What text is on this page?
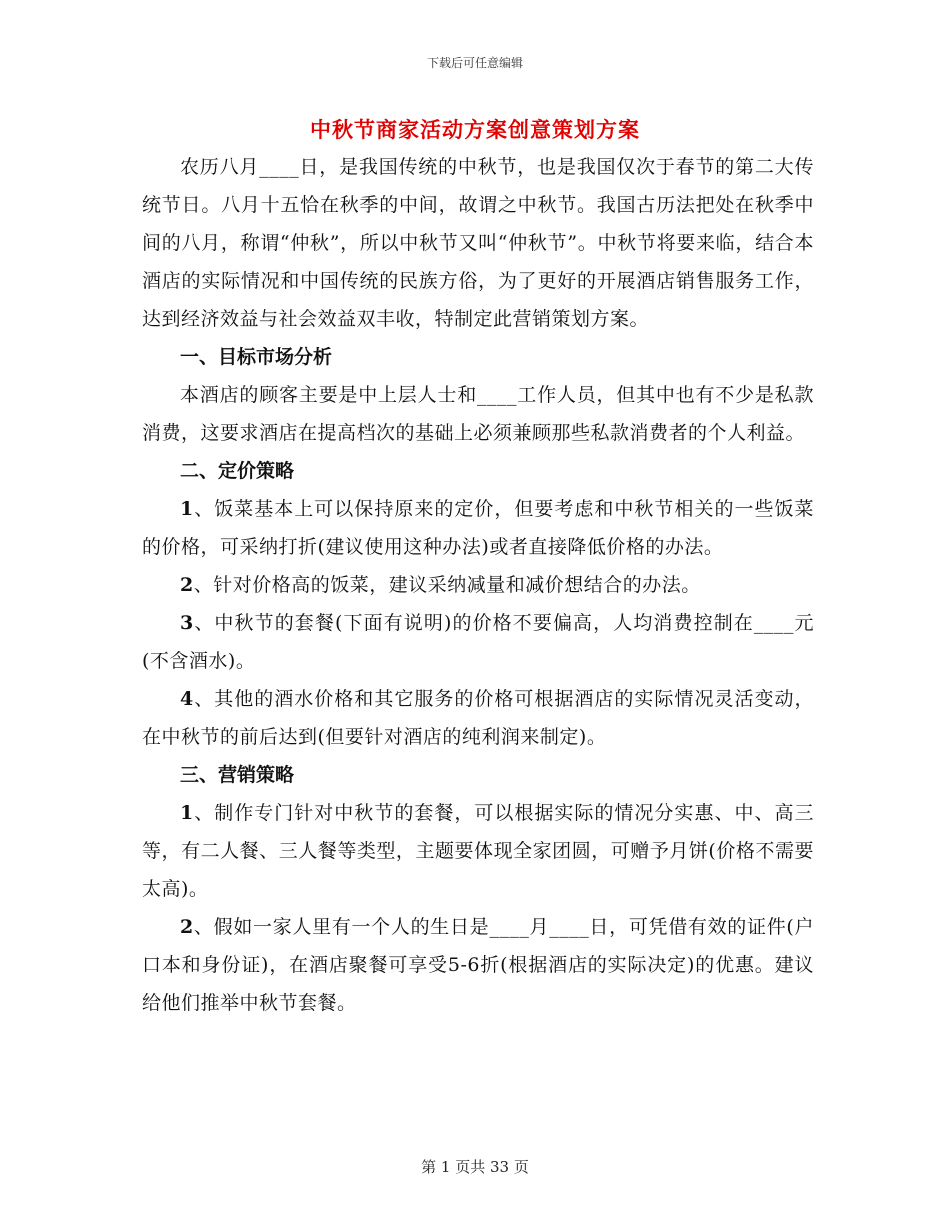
下载后可任意编辑
中秋节商家活动方案创意策划方案

农历八月____日，是我国传统的中秋节，也是我国仅次于春节的第二大传统节日。八月十五恰在秋季的中间，故谓之中秋节。我国古历法把处在秋季中间的八月，称谓“仲秋”，所以中秋节又叫“仲秋节”。中秋节将要来临，结合本酒店的实际情况和中国传统的民族方俗，为了更好的开展酒店销售服务工作，达到经济效益与社会效益双丰收，特制定此营销策划方案。

一、目标市场分析

本酒店的顾客主要是中上层人士和____工作人员，但其中也有不少是私款消费，这要求酒店在提高档次的基础上必须兼顾那些私款消费者的个人利益。

二、定价策略

1、饭菜基本上可以保持原来的定价，但要考虑和中秋节相关的一些饭菜的价格，可采纳打折(建议使用这种办法)或者直接降低价格的办法。

2、针对价格高的饭菜，建议采纳减量和减价想结合的办法。

3、中秋节的套餐(下面有说明)的价格不要偏高，人均消费控制在____元(不含酒水)。

4、其他的酒水价格和其它服务的价格可根据酒店的实际情况灵活变动，在中秋节的前后达到(但要针对酒店的纯利润来制定)。

三、营销策略

1、制作专门针对中秋节的套餐，可以根据实际的情况分实惠、中、高三等，有二人餐、三人餐等类型，主题要体现全家团圆，可赠予月饼(价格不需要太高)。

2、假如一家人里有一个人的生日是____月____日，可凭借有效的证件(户口本和身份证)，在酒店聚餐可享受5-6折(根据酒店的实际决定)的优惠。建议给他们推举中秋节套餐。

第 1 页共 33 页
